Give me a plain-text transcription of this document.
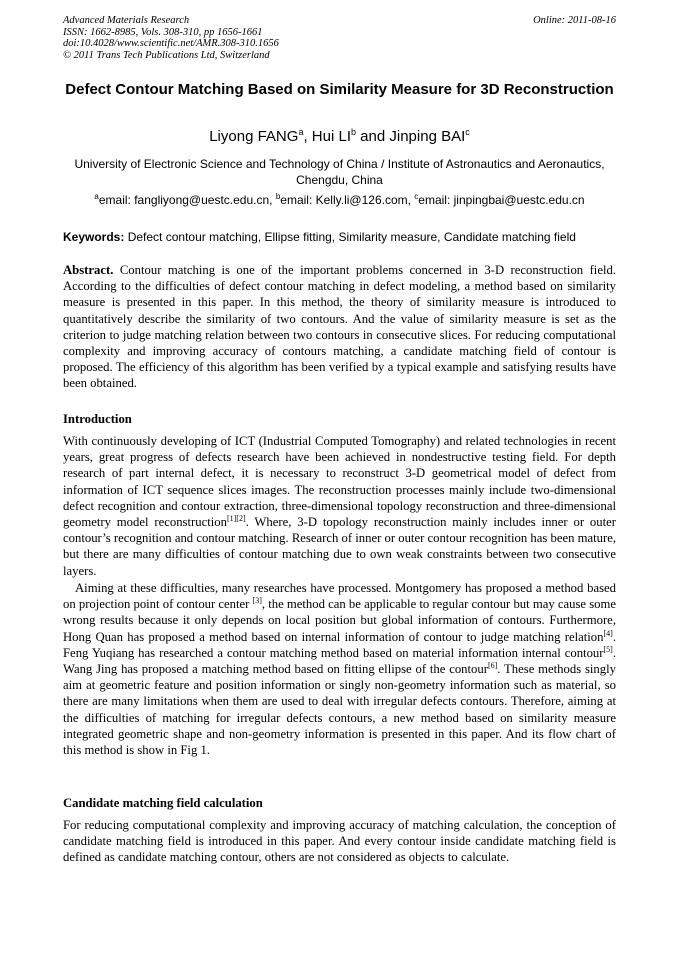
Advanced Materials Research
ISSN: 1662-8985, Vols. 308-310, pp 1656-1661
doi:10.4028/www.scientific.net/AMR.308-310.1656
© 2011 Trans Tech Publications Ltd, Switzerland
Online: 2011-08-16
Defect Contour Matching Based on Similarity Measure for 3D Reconstruction
Liyong FANG$^a$, Hui $LI^b$ and Jinping BAI$^c$
University of Electronic Science and Technology of China / Institute of Astronautics and Aeronautics, Chengdu, China
$^a$email: fangliyong@uestc.edu.cn, $^b$email: Kelly.li@126.com, $^c$email: jinpingbai@uestc.edu.cn
Keywords: Defect contour matching, Ellipse fitting, Similarity measure, Candidate matching field
Abstract. Contour matching is one of the important problems concerned in 3-D reconstruction field. According to the difficulties of defect contour matching in defect modeling, a method based on similarity measure is presented in this paper. In this method, the theory of similarity measure is introduced to quantitatively describe the similarity of two contours. And the value of similarity measure is set as the criterion to judge matching relation between two contours in consecutive slices. For reducing computational complexity and improving accuracy of contours matching, a candidate matching field of contour is proposed. The efficiency of this algorithm has been verified by a typical example and satisfying results have been obtained.
Introduction
With continuously developing of ICT (Industrial Computed Tomography) and related technologies in recent years, great progress of defects research have been achieved in nondestructive testing field. For depth research of part internal defect, it is necessary to reconstruct 3-D geometrical model of defect from information of ICT sequence slices images. The reconstruction processes mainly include two-dimensional defect recognition and contour extraction, three-dimensional topology reconstruction and three-dimensional geometry model reconstruction[1][2]. Where, 3-D topology reconstruction mainly includes inner or outer contour’s recognition and contour matching. Research of inner or outer contour recognition has been mature, but there are many difficulties of contour matching due to own weak constraints between two consecutive layers.
Aiming at these difficulties, many researches have processed. Montgomery has proposed a method based on projection point of contour center [3], the method can be applicable to regular contour but may cause some wrong results because it only depends on local position but global information of contours. Furthermore, Hong Quan has proposed a method based on internal information of contour to judge matching relation[4]. Feng Yuqiang has researched a contour matching method based on material information internal contour[5]. Wang Jing has proposed a matching method based on fitting ellipse of the contour[6]. These methods singly aim at geometric feature and position information or singly non-geometry information such as material, so there are many limitations when them are used to deal with irregular defects contours. Therefore, aiming at the difficulties of matching for irregular defects contours, a new method based on similarity measure integrated geometric shape and non-geometry information is presented in this paper. And its flow chart of this method is show in Fig 1.
Candidate matching field calculation
For reducing computational complexity and improving accuracy of matching calculation, the conception of candidate matching field is introduced in this paper. And every contour inside candidate matching field is defined as candidate matching contour, others are not considered as objects to calculate.
